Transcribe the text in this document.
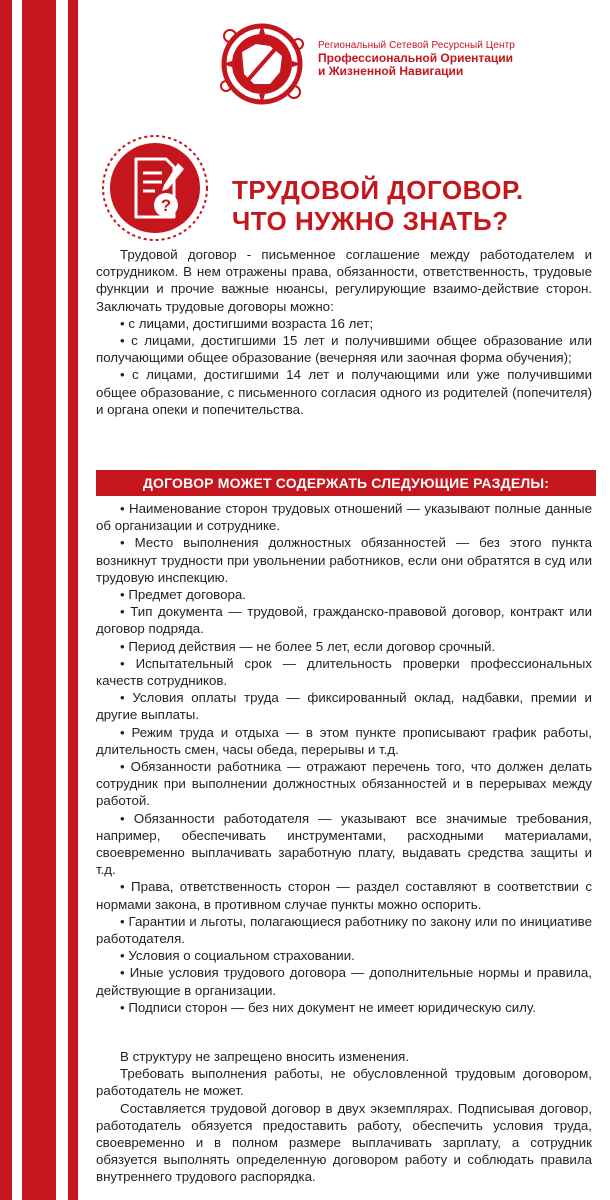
Региональный Сетевой Ресурсный Центр
Профессиональной Ориентации
и Жизненной Навигации
?
ТРУДОВОЙ ДОГОВОР.
ЧТО НУЖНО ЗНАТЬ?

Трудовой договор - письменное соглашение между работодателем и сотрудником. В нем отражены права, обязанности, ответственность, трудовые функции и прочие важные нюансы, регулирующие взаимо-действие сторон. Заключать трудовые договоры можно:

• с лицами, достигшими возраста 16 лет;

• с лицами, достигшими 15 лет и получившими общее образование или получающими общее образование (вечерняя или заочная форма обучения);

• с лицами, достигшими 14 лет и получающими или уже получившими общее образование, с письменного согласия одного из родителей (попечителя) и органа опеки и попечительства.

ДОГОВОР МОЖЕТ СОДЕРЖАТЬ СЛЕДУЮЩИЕ РАЗДЕЛЫ:

• Наименование сторон трудовых отношений — указывают полные данные об организации и сотруднике.

• Место выполнения должностных обязанностей — без этого пункта возникнут трудности при увольнении работников, если они обратятся в суд или трудовую инспекцию.

• Предмет договора.

• Тип документа — трудовой, гражданско-правовой договор, контракт или договор подряда.

• Период действия — не более 5 лет, если договор срочный.

• Испытательный срок — длительность проверки профессиональных качеств сотрудников.

• Условия оплаты труда — фиксированный оклад, надбавки, премии и другие выплаты.

• Режим труда и отдыха — в этом пункте прописывают график работы, длительность смен, часы обеда, перерывы и т.д.

• Обязанности работника — отражают перечень того, что должен делать сотрудник при выполнении должностных обязанностей и в перерывах между работой.

• Обязанности работодателя — указывают все значимые требования, например, обеспечивать инструментами, расходными материалами, своевременно выплачивать заработную плату, выдавать средства защиты и т.д.

• Права, ответственность сторон — раздел составляют в соответствии с нормами закона, в противном случае пункты можно оспорить.

• Гарантии и льготы, полагающиеся работнику по закону или по инициативе работодателя.

• Условия о социальном страховании.

• Иные условия трудового договора — дополнительные нормы и правила, действующие в организации.

• Подписи сторон — без них документ не имеет юридическую силу.

В структуру не запрещено вносить изменения.

Требовать выполнения работы, не обусловленной трудовым договором, работодатель не может.

Составляется трудовой договор в двух экземплярах. Подписывая договор, работодатель обязуется предоставить работу, обеспечить условия труда, своевременно и в полном размере выплачивать зарплату, а сотрудник обязуется выполнять определенную договором работу и соблюдать правила внутреннего трудового распорядка.
